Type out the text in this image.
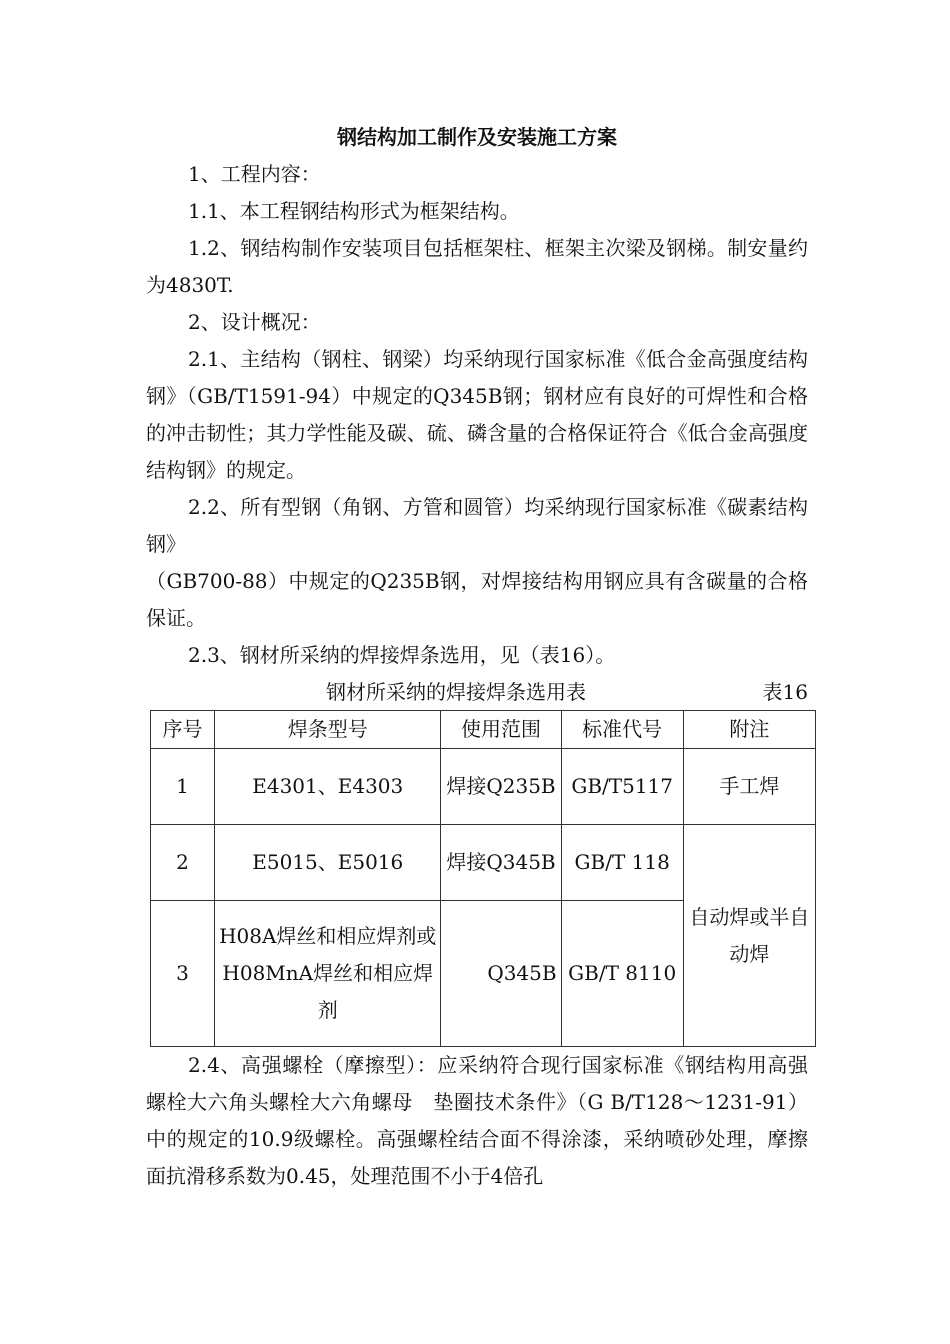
钢结构加工制作及安装施工方案

1、工程内容：

1.1、本工程钢结构形式为框架结构。

1.2、钢结构制作安装项目包括框架柱、框架主次梁及钢梯。制安量约为4830T.

2、设计概况：

2.1、主结构（钢柱、钢梁）均采纳现行国家标准《低合金高强度结构钢》（GB/T1591-94）中规定的Q345B钢；钢材应有良好的可焊性和合格的冲击韧性；其力学性能及碳、硫、磷含量的合格保证符合《低合金高强度结构钢》的规定。

2.2、所有型钢（角钢、方管和圆管）均采纳现行国家标准《碳素结构钢》

（GB700-88）中规定的Q235B钢，对焊接结构用钢应具有含碳量的合格保证。

2.3、钢材所采纳的焊接焊条选用，见（表16）。

钢材所采纳的焊接焊条选用表	表16
序号	焊条型号	使用范围	标准代号	附注
1	E4301、E4303	焊接Q235B	GB/T5117	手工焊
2	E5015、E5016	焊接Q345B	GB/T 118	自动焊或半自动焊
3	H08A焊丝和相应焊剂或H08MnA焊丝和相应焊剂	Q345B	GB/T 8110	

2.4、高强螺栓（摩擦型）：应采纳符合现行国家标准《钢结构用高强螺栓大六角头螺栓大六角螺母　垫圈技术条件》（G B/T128～1231-91）中的规定的10.9级螺栓。高强螺栓结合面不得涂漆，采纳喷砂处理，摩擦面抗滑移系数为0.45，处理范围不小于4倍孔
